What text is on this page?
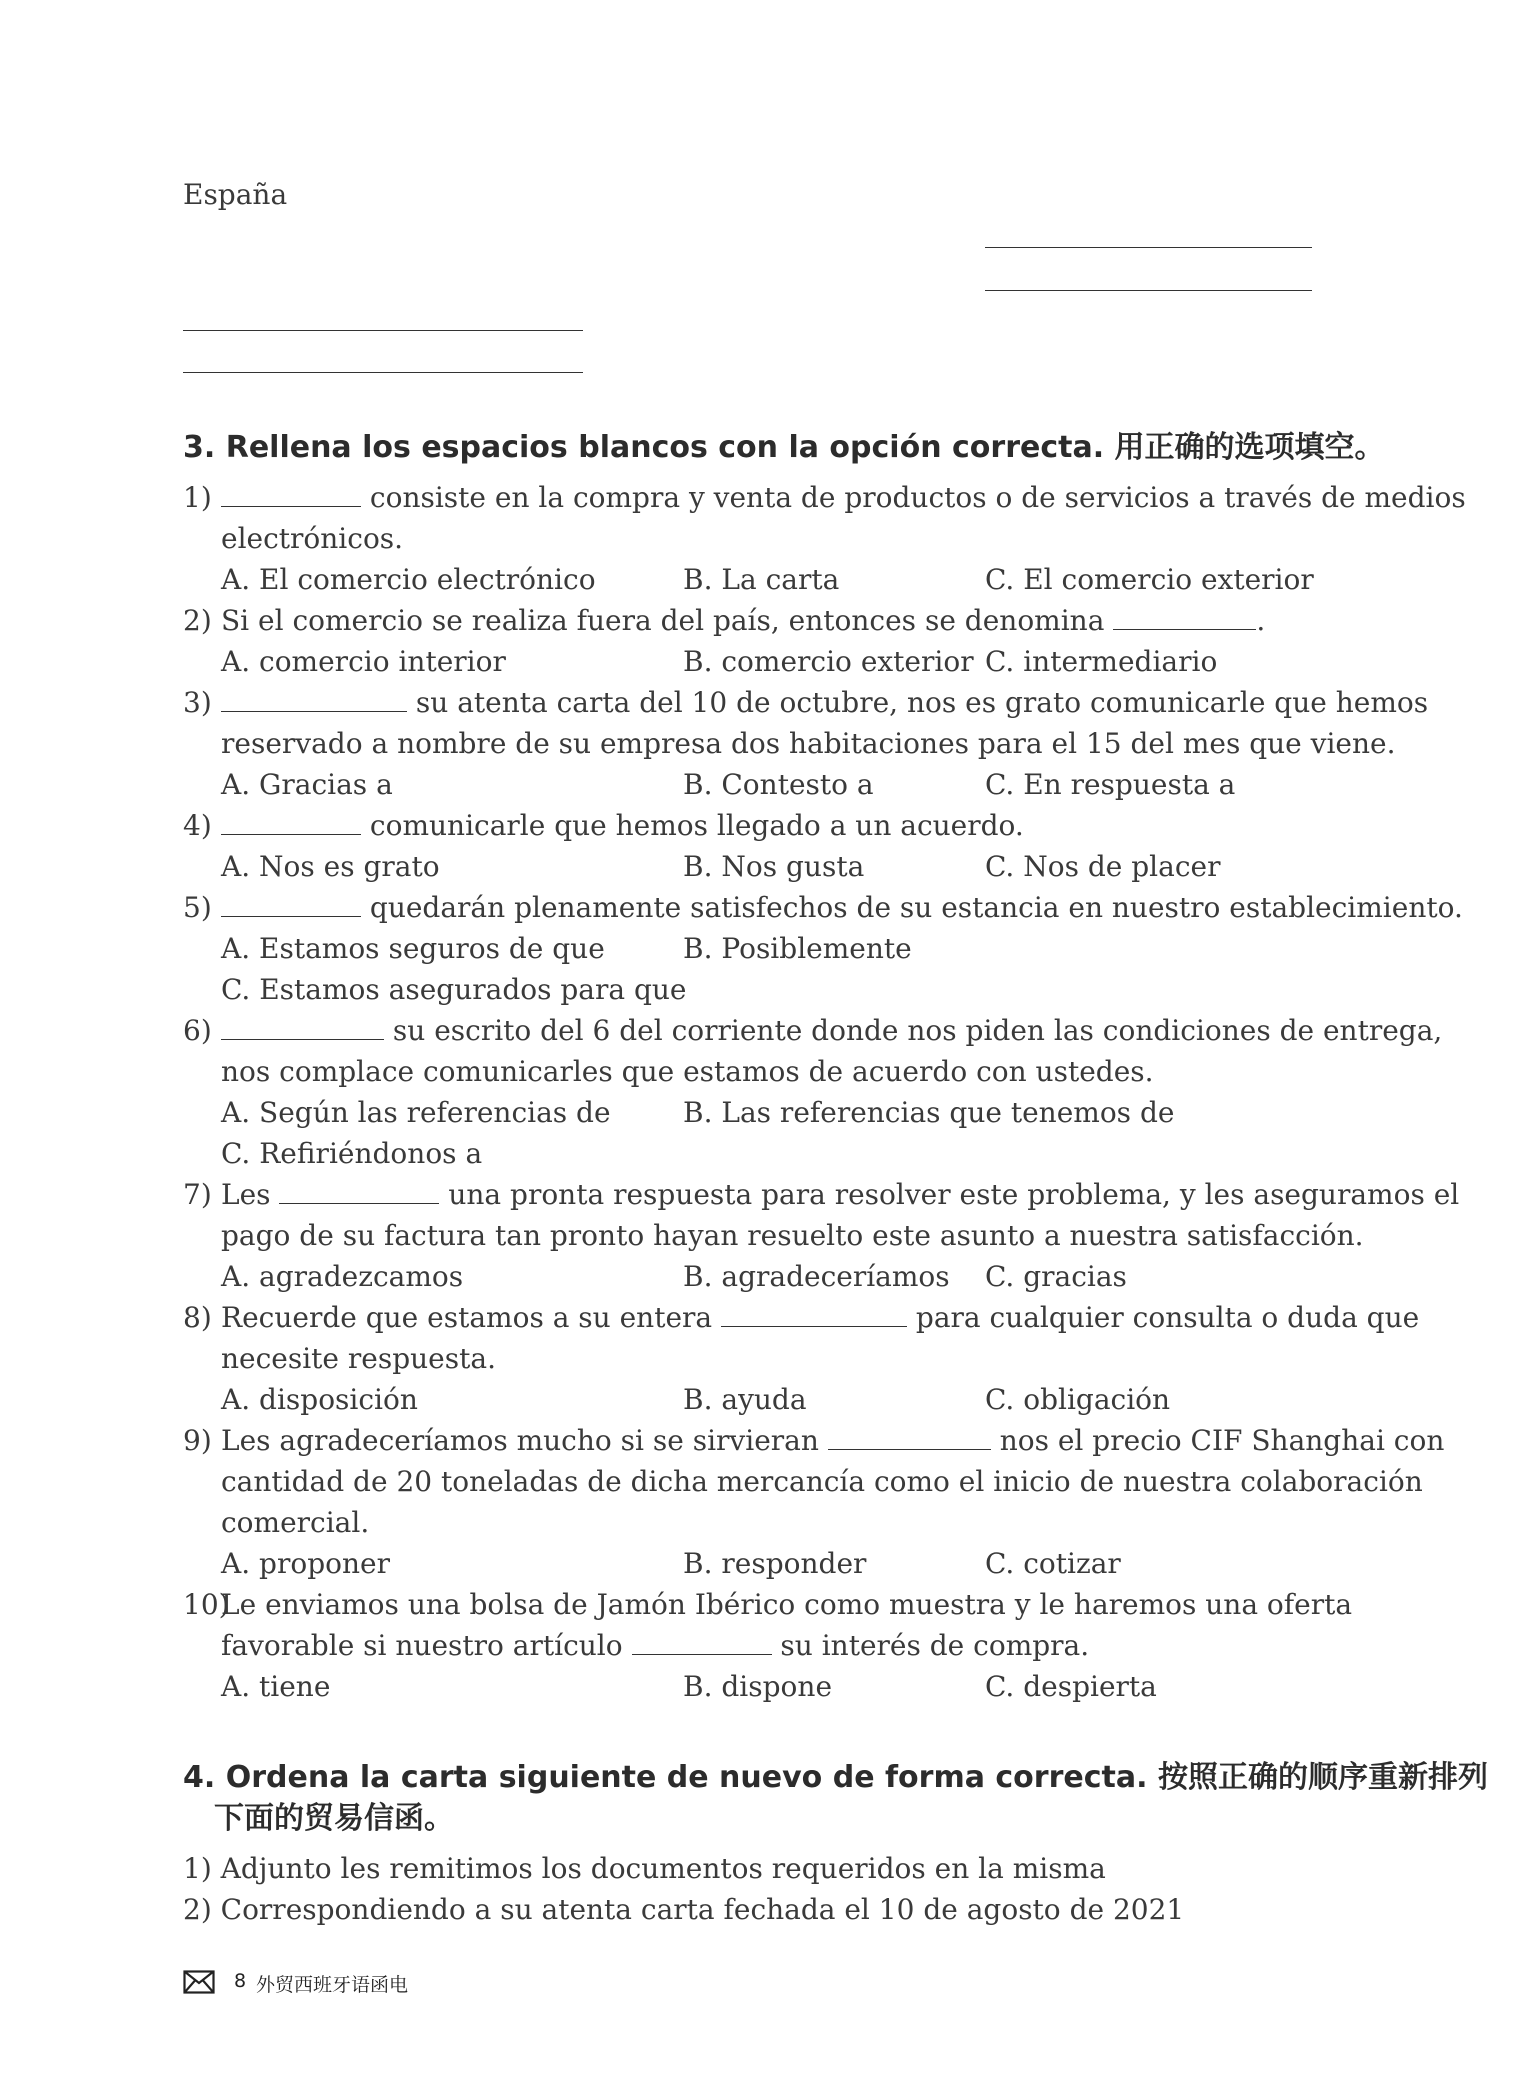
España
3. Rellena los espacios blancos con la opción correcta. 用正确的选项填空。
1)	consiste en la compra y venta de productos o de servicios a través de medios
electrónicos.
A. El comercio electrónico	B. La carta	C. El comercio exterior
2) Si el comercio se realiza fuera del país, entonces se denomina	.
A. comercio interior	B. comercio exterior C. intermediario
3)	su atenta carta del 10 de octubre, nos es grato comunicarle que hemos
reservado a nombre de su empresa dos habitaciones para el 15 del mes que viene.
A. Gracias a	B. Contesto a	C. En respuesta a
4)	comunicarle que hemos llegado a un acuerdo.
A. Nos es grato	B. Nos gusta	C. Nos de placer
5)	quedarán plenamente satisfechos de su estancia en nuestro establecimiento.
A. Estamos seguros de que	B. Posiblemente
C. Estamos asegurados para que
6)	su escrito del 6 del corriente donde nos piden las condiciones de entrega,
nos complace comunicarles que estamos de acuerdo con ustedes.
A. Según las referencias de	B. Las referencias que tenemos de
C. Refiriéndonos a
7) Les	una pronta respuesta para resolver este problema, y les aseguramos el
pago de su factura tan pronto hayan resuelto este asunto a nuestra satisfacción.
A. agradezcamos	B. agradeceríamos C. gracias
8) Recuerde que estamos a su entera	para cualquier consulta o duda que
necesite respuesta.
A. disposición	B. ayuda	C. obligación
9) Les agradeceríamos mucho si se sirvieran	nos el precio CIF Shanghai con
cantidad de 20 toneladas de dicha mercancía como el inicio de nuestra colaboración
comercial.
A. proponer	B. responder	C. cotizar
10)
Le enviamos una bolsa de Jamón Ibérico como muestra y le haremos una oferta
favorable si nuestro artículo	su interés de compra.
A. tiene	B. dispone	C. despierta
4. Ordena la carta siguiente de nuevo de forma correcta. 按照正确的顺序重新排列
下面的贸易信函。
1) Adjunto les remitimos los documentos requeridos en la misma
2) Correspondiendo a su atenta carta fechada el 10 de agosto de 2021
8 外贸西班牙语函电
